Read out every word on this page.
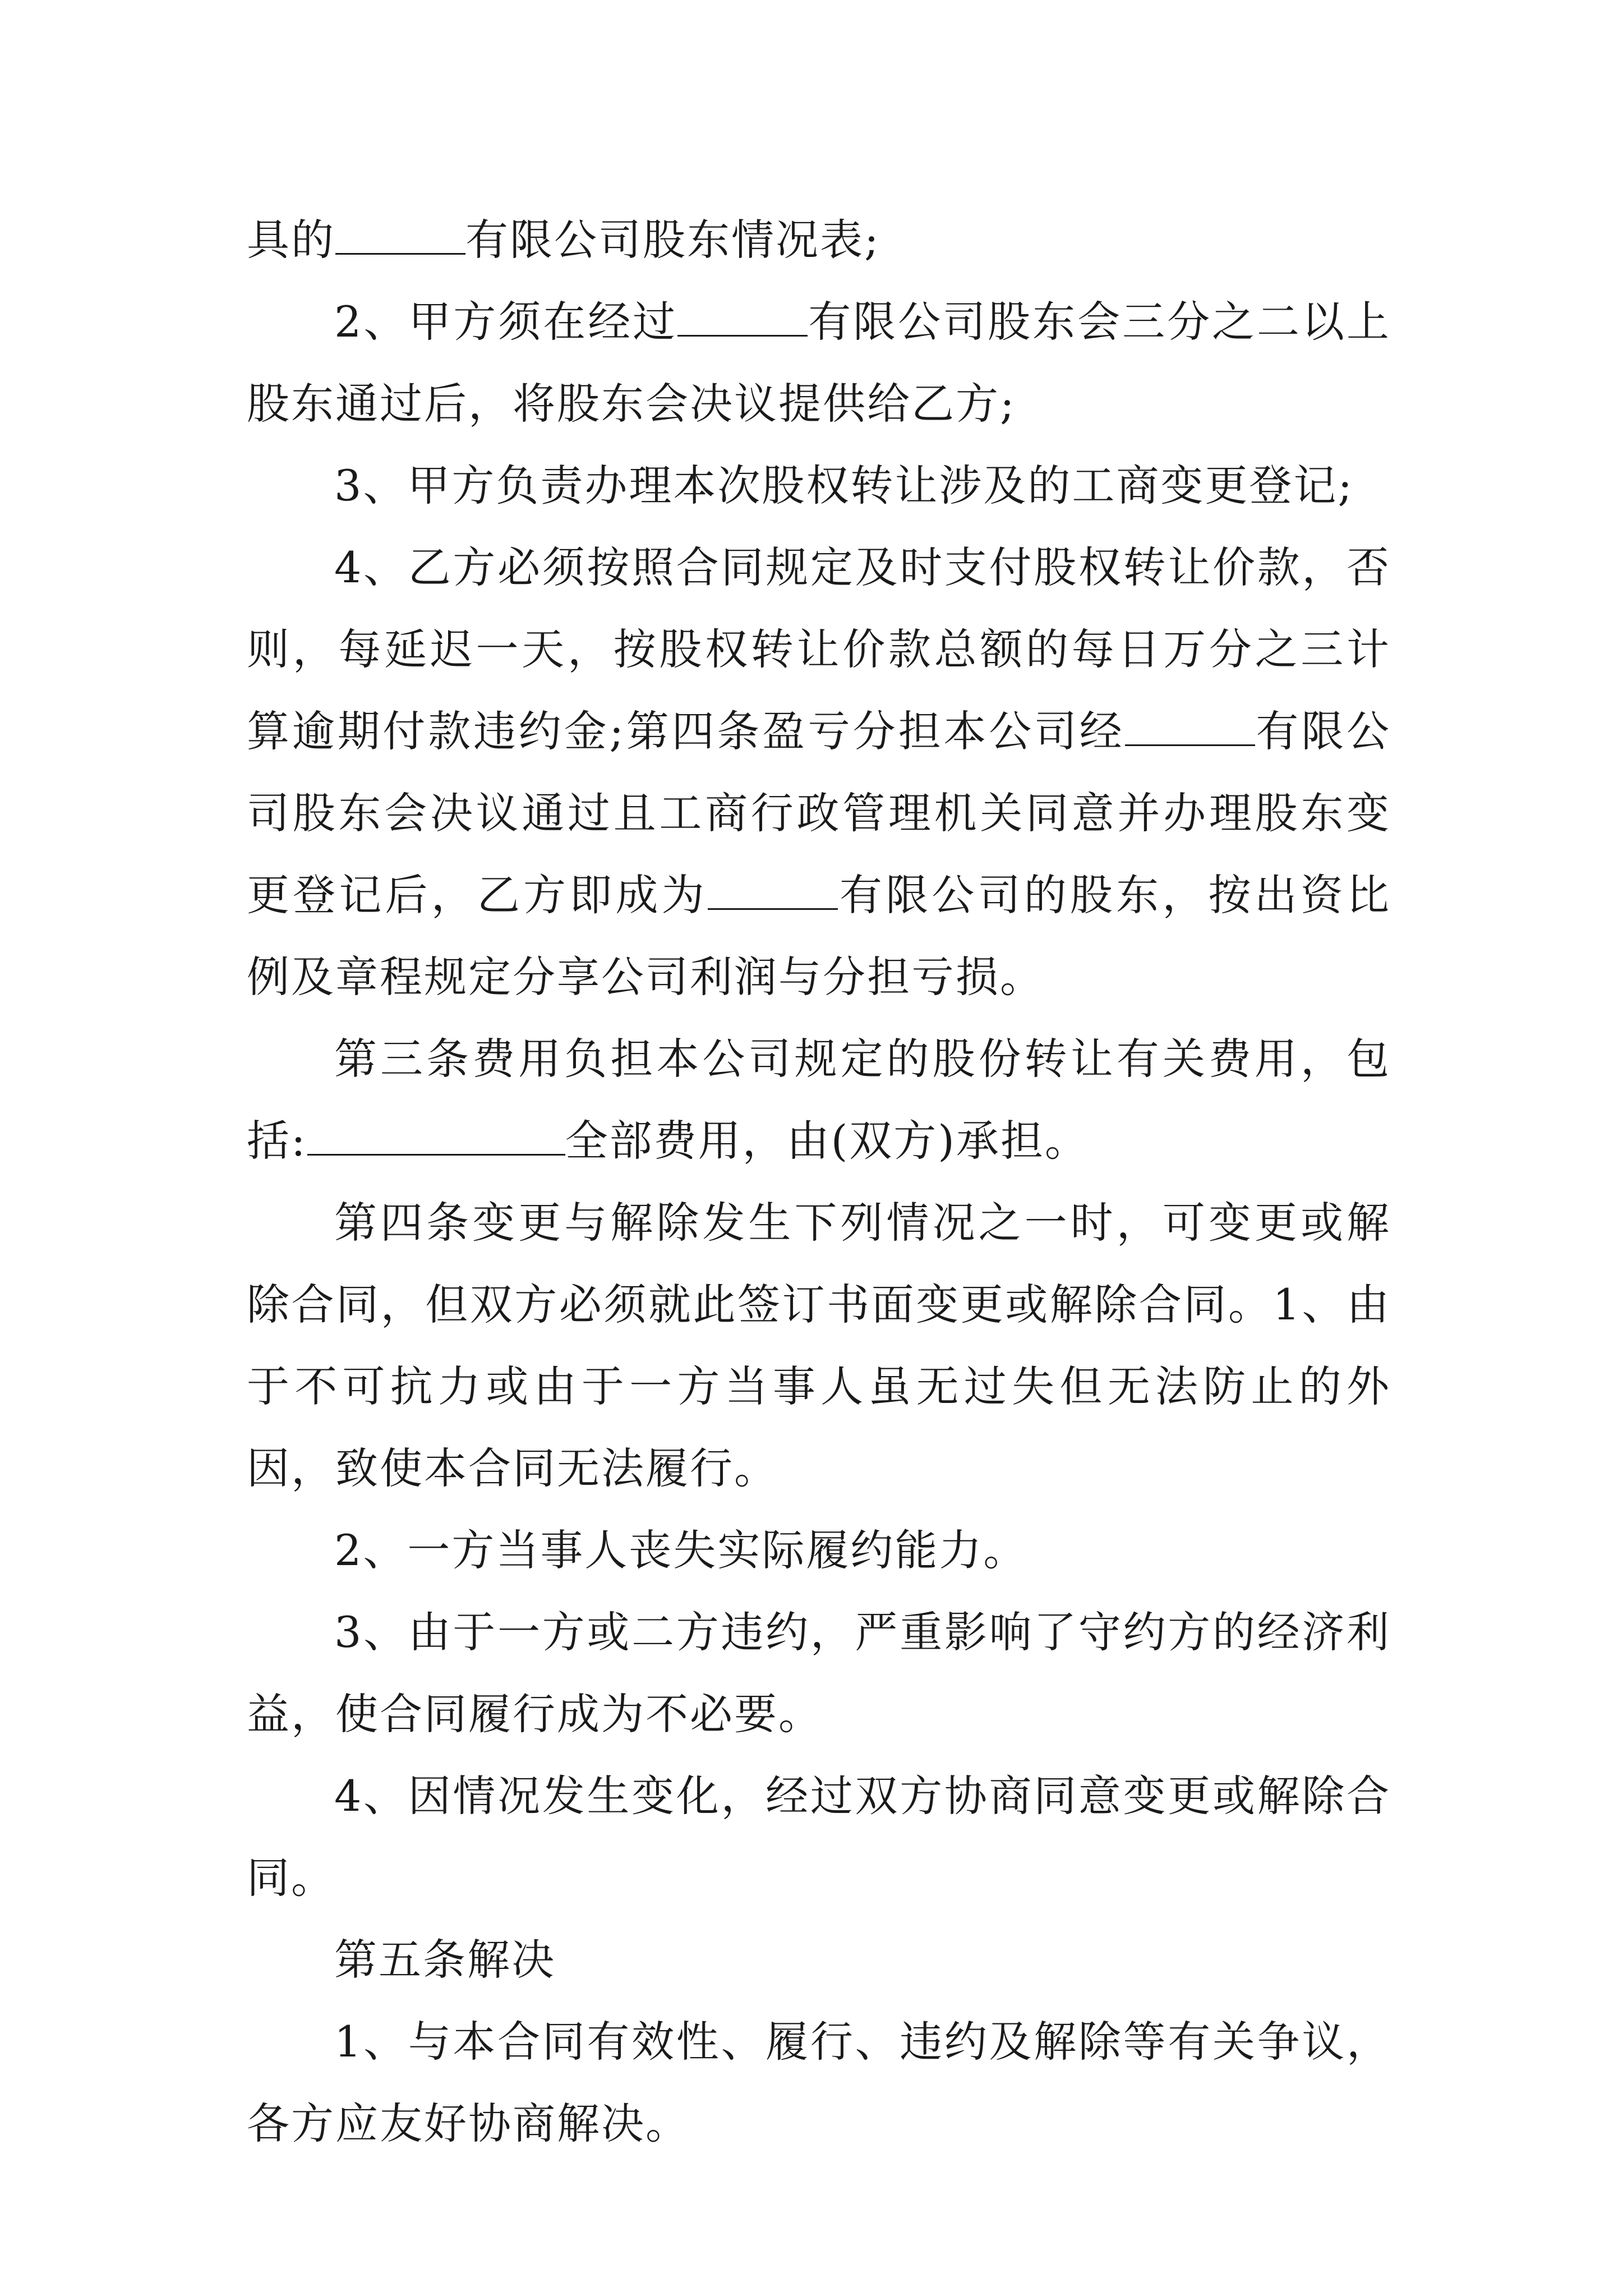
具的	有限公司股东情况表;

2、甲方须在经过	有限公司股东会三分之二以上股东通过后，将股东会决议提供给乙方;

3、甲方负责办理本次股权转让涉及的工商变更登记;

4、乙方必须按照合同规定及时支付股权转让价款，否则，每延迟一天，按股权转让价款总额的每日万分之三计算逾期付款违约金;第四条盈亏分担本公司经	有限公司股东会决议通过且工商行政管理机关同意并办理股东变更登记后，乙方即成为	有限公司的股东，按出资比例及章程规定分享公司利润与分担亏损。

第三条费用负担本公司规定的股份转让有关费用，包括:	全部费用，由(双方)承担。

第四条变更与解除发生下列情况之一时，可变更或解除合同，但双方必须就此签订书面变更或解除合同。1、由于不可抗力或由于一方当事人虽无过失但无法防止的外因，致使本合同无法履行。

2、一方当事人丧失实际履约能力。

3、由于一方或二方违约，严重影响了守约方的经济利益，使合同履行成为不必要。

4、因情况发生变化，经过双方协商同意变更或解除合同。

第五条解决

1、与本合同有效性、履行、违约及解除等有关争议，各方应友好协商解决。
